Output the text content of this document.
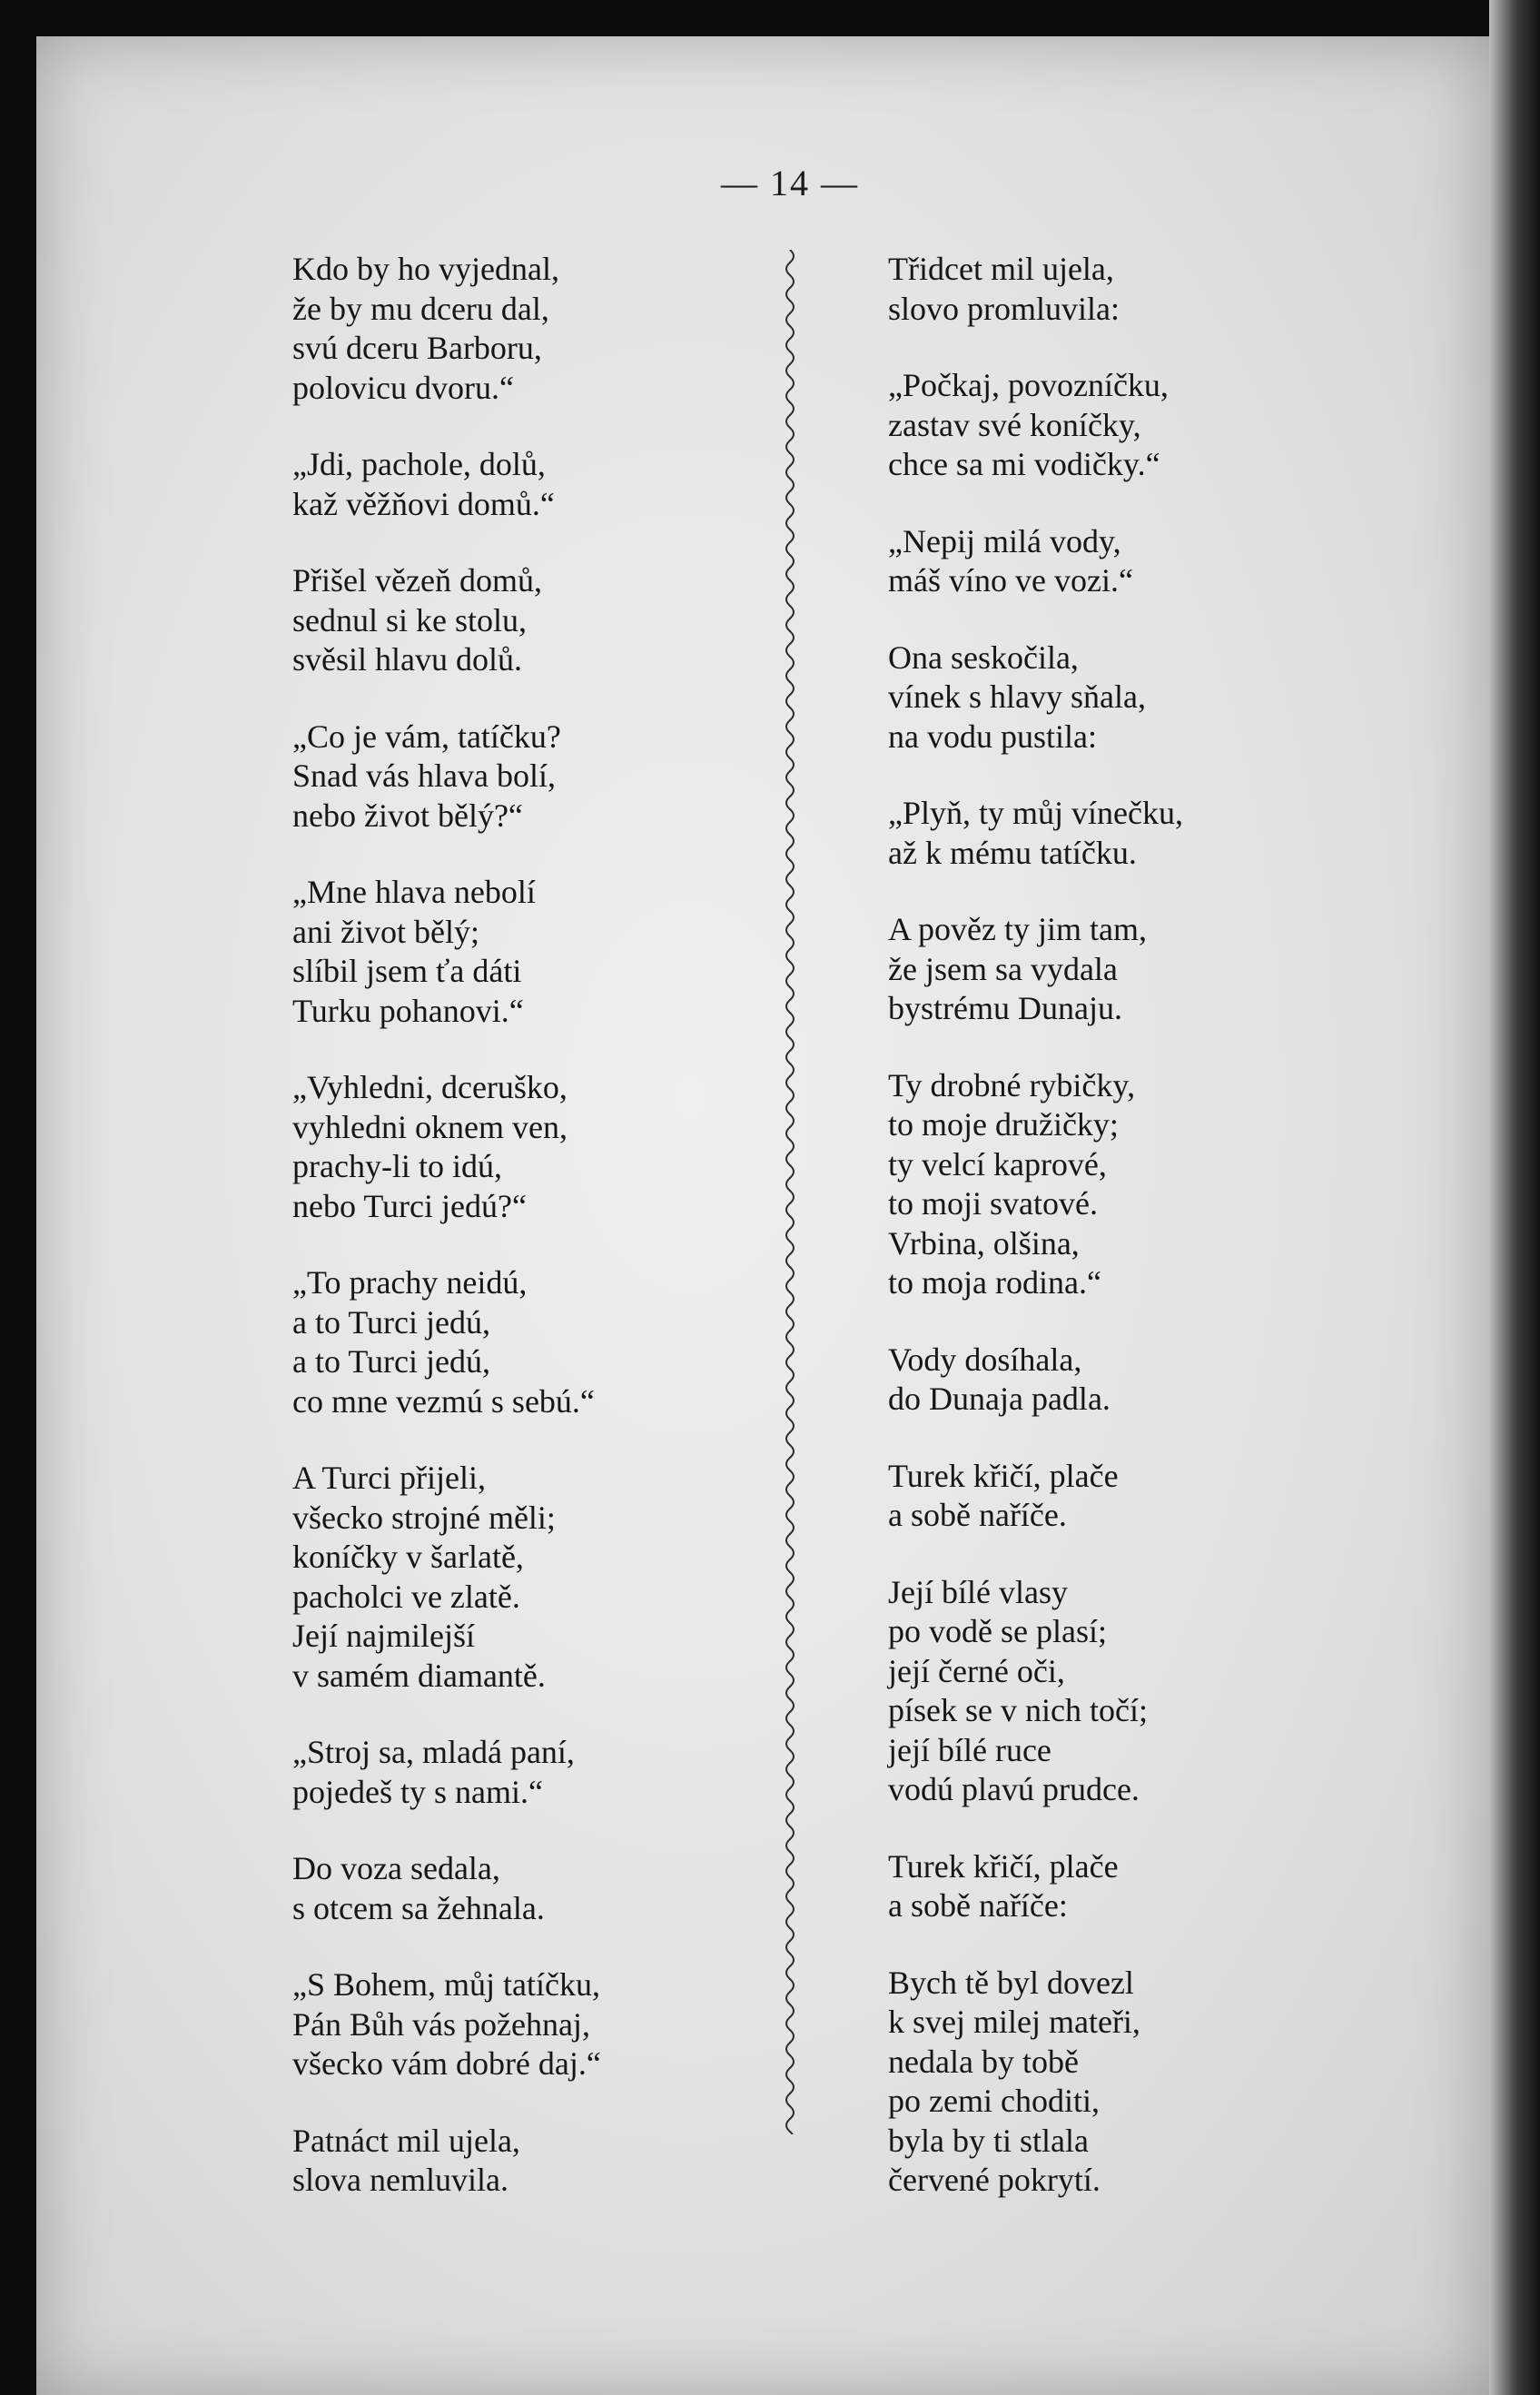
— 14 —
Kdo by ho vyjednal,
že by mu dceru dal,
svú dceru Barboru,
polovicu dvoru.“
„Jdi, pachole, dolů,
kaž věžňovi domů.“
Přišel vězeň domů,
sednul si ke stolu,
svěsil hlavu dolů.
„Co je vám, tatíčku?
Snad vás hlava bolí,
nebo život bělý?“
„Mne hlava nebolí
ani život bělý;
slíbil jsem ťa dáti
Turku pohanovi.“
„Vyhledni, dceruško,
vyhledni oknem ven,
prachy-li to idú,
nebo Turci jedú?“
„To prachy neidú,
a to Turci jedú,
a to Turci jedú,
co mne vezmú s sebú.“
A Turci přijeli,
všecko strojné měli;
koníčky v šarlatě,
pacholci ve zlatě.
Její najmilejší
v samém diamantě.
„Stroj sa, mladá paní,
pojedeš ty s nami.“
Do voza sedala,
s otcem sa žehnala.
„S Bohem, můj tatíčku,
Pán Bůh vás požehnaj,
všecko vám dobré daj.“
Patnáct mil ujela,
slova nemluvila.
Třidcet mil ujela,
slovo promluvila:
„Počkaj, povozníčku,
zastav své koníčky,
chce sa mi vodičky.“
„Nepij milá vody,
máš víno ve vozi.“
Ona seskočila,
vínek s hlavy sňala,
na vodu pustila:
„Plyň, ty můj vínečku,
až k mému tatíčku.
A pověz ty jim tam,
že jsem sa vydala
bystrému Dunaju.
Ty drobné rybičky,
to moje družičky;
ty velcí kaprové,
to moji svatové.
Vrbina, olšina,
to moja rodina.“
Vody dosíhala,
do Dunaja padla.
Turek křičí, plače
a sobě naříče.
Její bílé vlasy
po vodě se plasí;
její černé oči,
písek se v nich točí;
její bílé ruce
vodú plavú prudce.
Turek křičí, plače
a sobě naříče:
Bych tě byl dovezl
k svej milej mateři,
nedala by tobě
po zemi choditi,
byla by ti stlala
červené pokrytí.
